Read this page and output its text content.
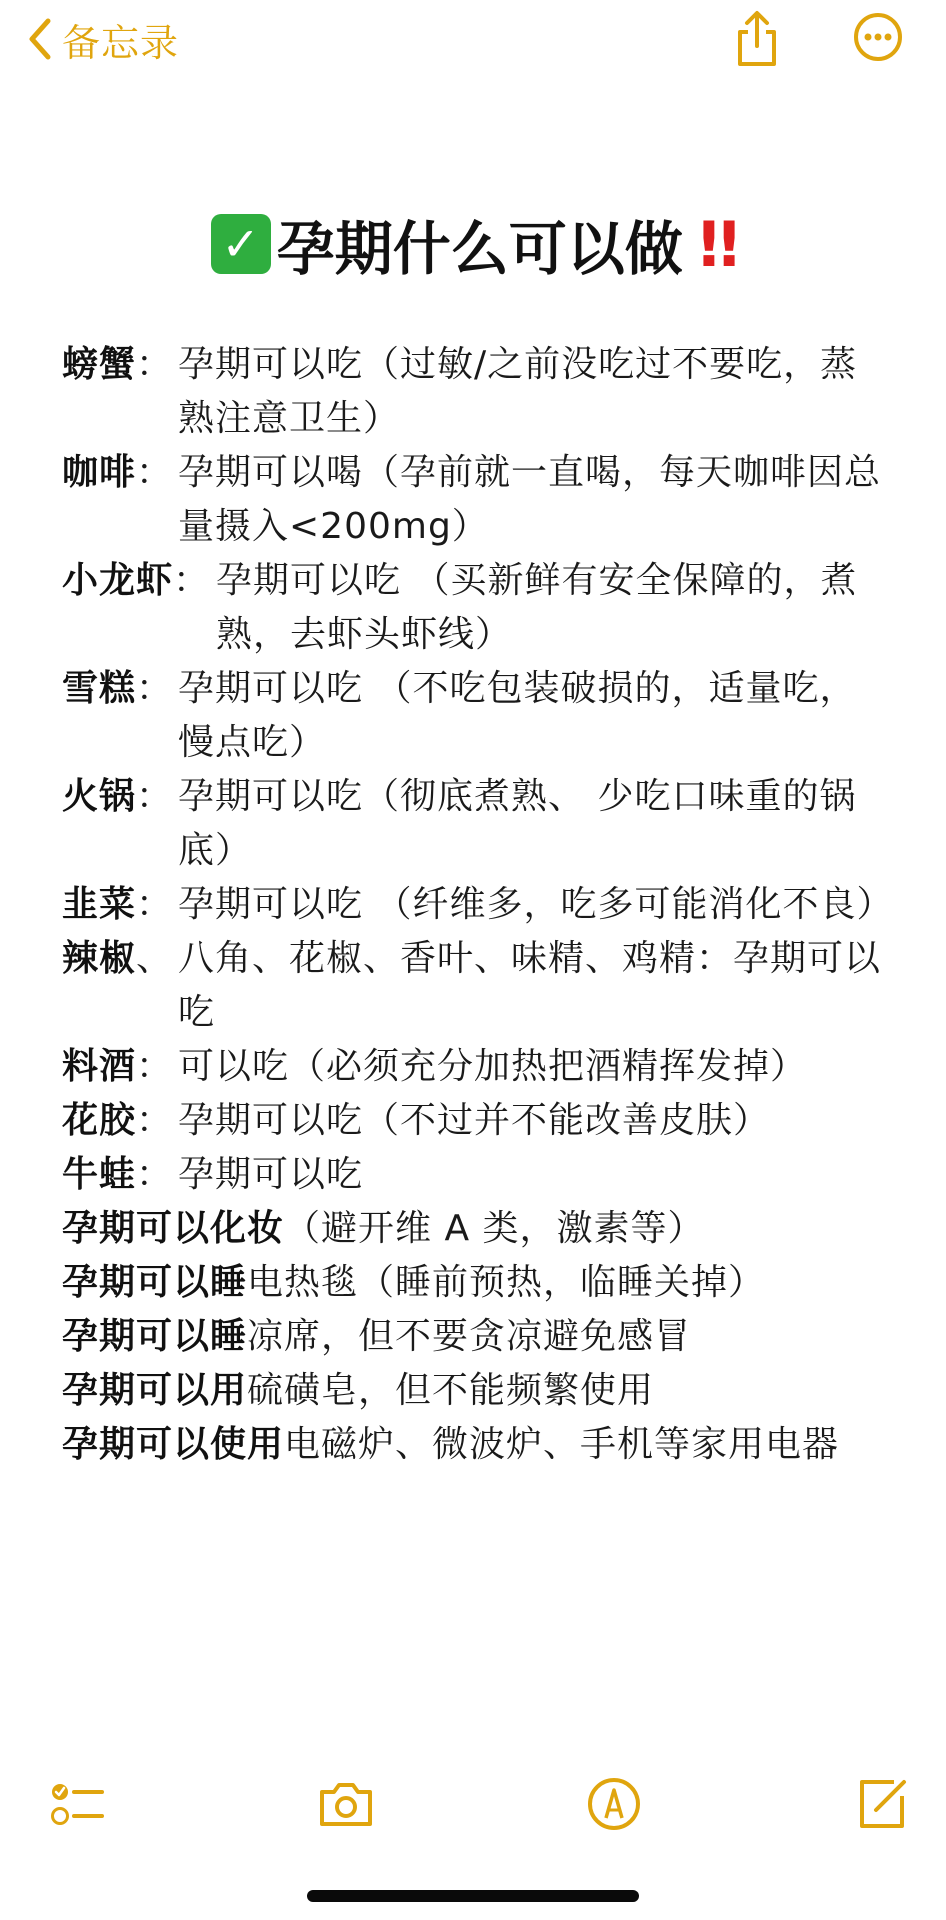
备忘录
✓ 孕期什么可以做 !!
螃蟹： 孕期可以吃（过敏/之前没吃过不要吃，蒸熟注意卫生）
咖啡： 孕期可以喝（孕前就一直喝，每天咖啡因总量摄入<200mg）
小龙虾： 孕期可以吃 （买新鲜有安全保障的，煮熟，去虾头虾线）
雪糕： 孕期可以吃 （不吃包装破损的，适量吃，慢点吃）
火锅： 孕期可以吃（彻底煮熟、 少吃口味重的锅底）
韭菜： 孕期可以吃 （纤维多，吃多可能消化不良）
辣椒、 八角、花椒、香叶、味精、鸡精：孕期可以吃
料酒： 可以吃（必须充分加热把酒精挥发掉）
花胶： 孕期可以吃（不过并不能改善皮肤）
牛蛙： 孕期可以吃
孕期可以化妆（避开维 A 类，激素等）
孕期可以睡电热毯（睡前预热，临睡关掉）
孕期可以睡凉席，但不要贪凉避免感冒
孕期可以用硫磺皂，但不能频繁使用
孕期可以使用电磁炉、微波炉、手机等家用电器
